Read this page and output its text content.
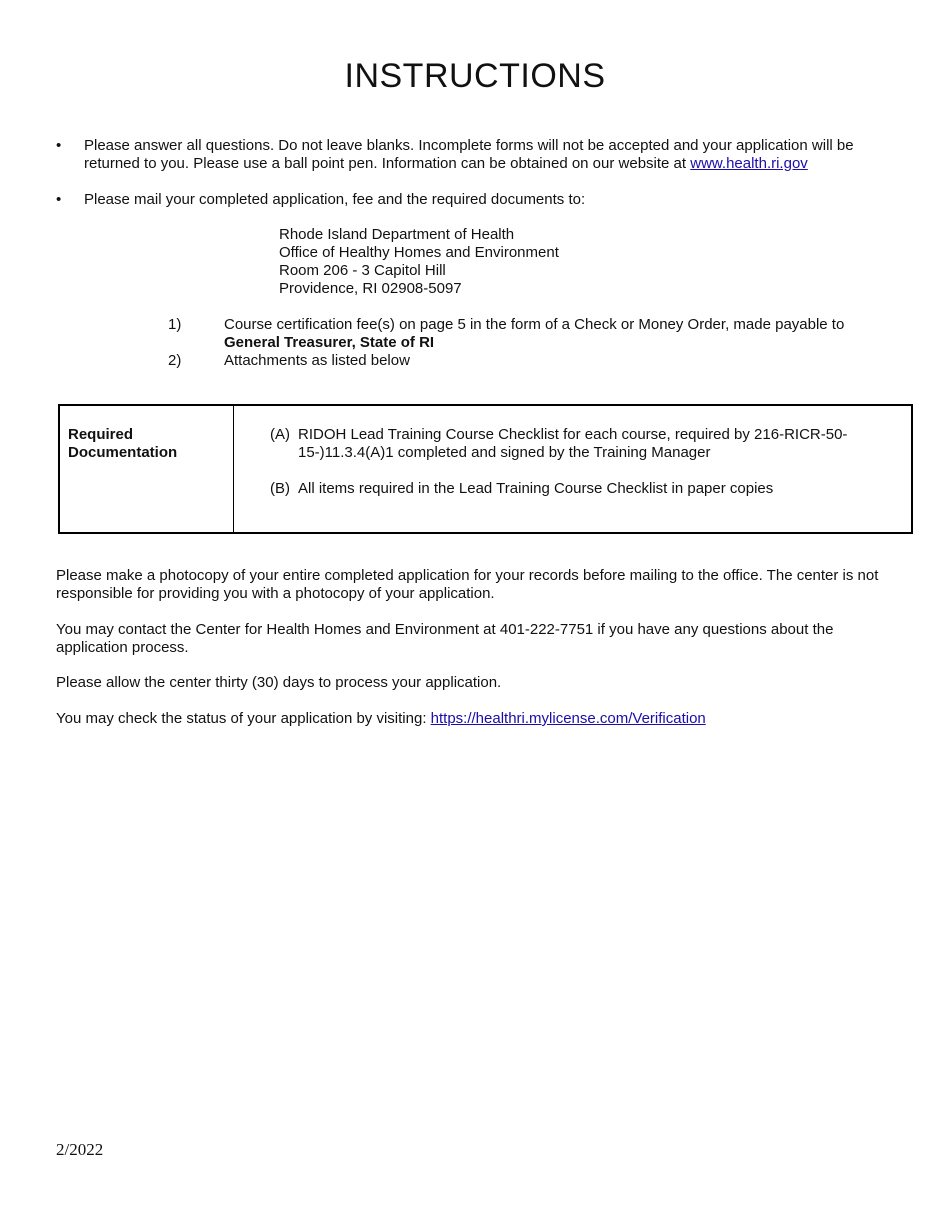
INSTRUCTIONS
• Please answer all questions. Do not leave blanks. Incomplete forms will not be accepted and your application will be returned to you. Please use a ball point pen. Information can be obtained on our website at www.health.ri.gov
• Please mail your completed application, fee and the required documents to:
Rhode Island Department of Health
Office of Healthy Homes and Environment
Room 206 - 3 Capitol Hill
Providence, RI 02908-5097
1)	Course certification fee(s) on page 5 in the form of a Check or Money Order, made payable to
General Treasurer, State of RI
2)	Attachments as listed below
Required
Documentation
(A) RIDOH Lead Training Course Checklist for each course, required by 216-RICR-50-15-)11.3.4(A)1 completed and signed by the Training Manager
(B) All items required in the Lead Training Course Checklist in paper copies
Please make a photocopy of your entire completed application for your records before mailing to the office. The center is not responsible for providing you with a photocopy of your application.
You may contact the Center for Health Homes and Environment at 401-222-7751 if you have any questions about the application process.
Please allow the center thirty (30) days to process your application.
You may check the status of your application by visiting: https://healthri.mylicense.com/Verification
2/2022
